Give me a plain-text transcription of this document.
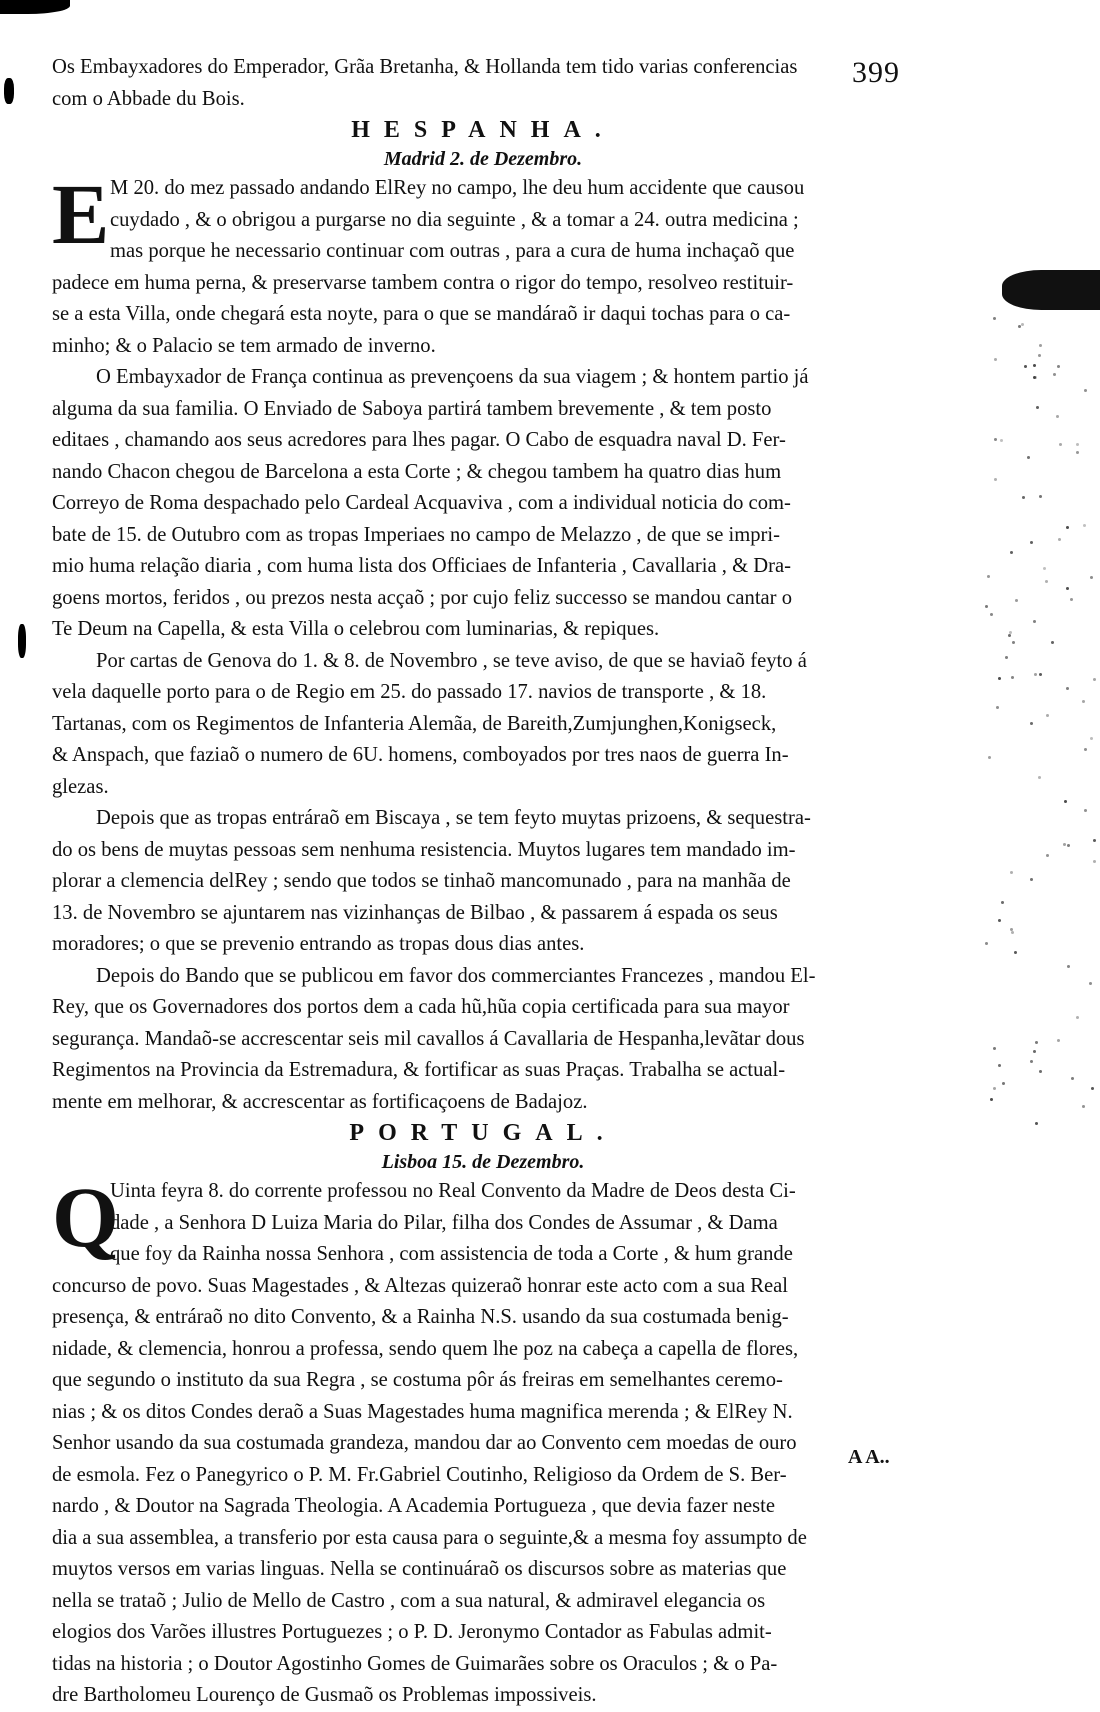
399
Os Embayxadores do Emperador, Grãa Bretanha, & Hollanda tem tido varias conferencias
com o Abbade du Bois.
HESPANHA.
Madrid 2. de Dezembro.
E M 20. do mez passado andando ElRey no campo, lhe deu hum accidente que causou
cuydado , & o obrigou a purgarse no dia seguinte , & a tomar a 24. outra medicina ;
mas porque he necessario continuar com outras , para a cura de huma inchaçaõ que
padece em huma perna, & preservarse tambem contra o rigor do tempo, resolveo restituir-
se a esta Villa, onde chegará esta noyte, para o que se mandáraõ ir daqui tochas para o ca-
minho; & o Palacio se tem armado de inverno.
O Embayxador de França continua as prevençoens da sua viagem ; & hontem partio já
alguma da sua familia. O Enviado de Saboya partirá tambem brevemente , & tem posto
editaes , chamando aos seus acredores para lhes pagar. O Cabo de esquadra naval D. Fer-
nando Chacon chegou de Barcelona a esta Corte ; & chegou tambem ha quatro dias hum
Correyo de Roma despachado pelo Cardeal Acquaviva , com a individual noticia do com-
bate de 15. de Outubro com as tropas Imperiaes no campo de Melazzo , de que se impri-
mio huma relação diaria , com huma lista dos Officiaes de Infanteria , Cavallaria , & Dra-
goens mortos, feridos , ou prezos nesta acçaõ ; por cujo feliz successo se mandou cantar o
Te Deum na Capella, & esta Villa o celebrou com luminarias, & repiques.
Por cartas de Genova do 1. & 8. de Novembro , se teve aviso, de que se haviaõ feyto á
vela daquelle porto para o de Regio em 25. do passado 17. navios de transporte , & 18.
Tartanas, com os Regimentos de Infanteria Alemãa, de Bareith,Zumjunghen,Konigseck,
& Anspach, que faziaõ o numero de 6U. homens, comboyados por tres naos de guerra In-
glezas.
Depois que as tropas entráraõ em Biscaya , se tem feyto muytas prizoens, & sequestra-
do os bens de muytas pessoas sem nenhuma resistencia. Muytos lugares tem mandado im-
plorar a clemencia delRey ; sendo que todos se tinhaõ mancomunado , para na manhãa de
13. de Novembro se ajuntarem nas vizinhanças de Bilbao , & passarem á espada os seus
moradores; o que se preveniо entrando as tropas dous dias antes.
Depois do Bando que se publicou em favor dos commerciantes Francezes , mandou El-
Rey, que os Governadores dos portos dem a cada hũ,hũa copia certificada para sua mayor
segurança. Mandaõ-se accrescentar seis mil cavallos á Cavallaria de Hespanha,levãtar dous
Regimentos na Provincia da Estremadura, & fortificar as suas Praças. Trabalha se actual-
mente em melhorar, & accrescentar as fortificaçoens de Badajoz.
PORTUGAL.
Lisboa 15. de Dezembro.
Q
Uinta feyra 8. do corrente professou no Real Convento da Madre de Deos desta Ci-
dade , a Senhora D Luiza Maria do Pilar, filha dos Condes de Assumar , & Dama
que foy da Rainha nossa Senhora , com assistencia de toda a Corte , & hum grande
concurso de povo. Suas Magestades , & Altezas quizeraõ honrar este acto com a sua Real
presença, & entráraõ no dito Convento, & a Rainha N.S. usando da sua costumada benig-
nidade, & clemencia, honrou a professa, sendo quem lhe poz na cabeça a capella de flores,
que segundo o instituto da sua Regra , se costuma pôr ás freiras em semelhantes ceremo-
nias ; & os ditos Condes deraõ a Suas Magestades huma magnifica merenda ; & ElRey N.
Senhor usando da sua costumada grandeza, mandou dar ao Convento cem moedas de ouro
de esmola. Fez o Panegyrico o P. M. Fr.Gabriel Coutinho, Religioso da Ordem de S. Ber-
nardo , & Doutor na Sagrada Theologia. A Academia Portugueza , que devia fazer neste
dia a sua assemblea, a transferio por esta causa para o seguinte,& a mesma foy assumpto de
muytos versos em varias linguas. Nella se continuáraõ os discursos sobre as materias que
nella se trataõ ; Julio de Mello de Castro , com a sua natural, & admiravel elegancia os
elogios dos Varões illustres Portuguezes ; o P. D. Jeronymo Contador as Fabulas admit-
tidas na historia ; o Doutor Agostinho Gomes de Guimarães sobre os Oraculos ; & o Pa-
dre Bartholomeu Lourenço de Gusmaõ os Problemas impossiveis.
A A..
